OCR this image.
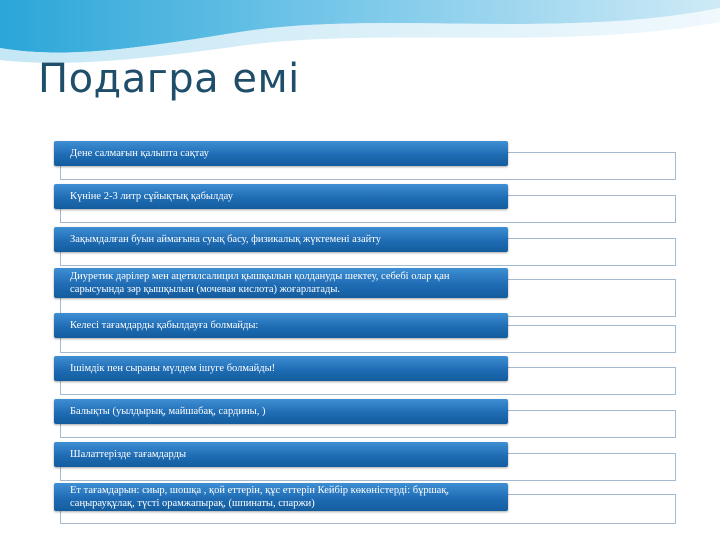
Подагра емі
Дене салмағын қалыпта сақтау
Күніне 2-3 литр сұйықтық қабылдау
Зақымдалған буын аймағына суық басу, физикалық жүктемені азайту
Диуретик дәрілер мен ацетилсалицил қышқылын қолдануды шектеу, себебі олар қан сарысуында зәр қышқылын (мочевая кислота) жоғарлатады.
Келесі тағамдарды қабылдауға болмайды:
Ішімдік пен сыраны мүлдем ішуге болмайды!
Балықты (уылдырық, майшабақ, сардины, )
Шалаттерізде тағамдарды
Ет тағамдарын: сиыр, шошқа , қой еттерін, құс еттерін Кейбір көкөністерді: бұршақ, саңырауқұлақ, түсті орамжапырақ, (шпинаты, спаржи)
